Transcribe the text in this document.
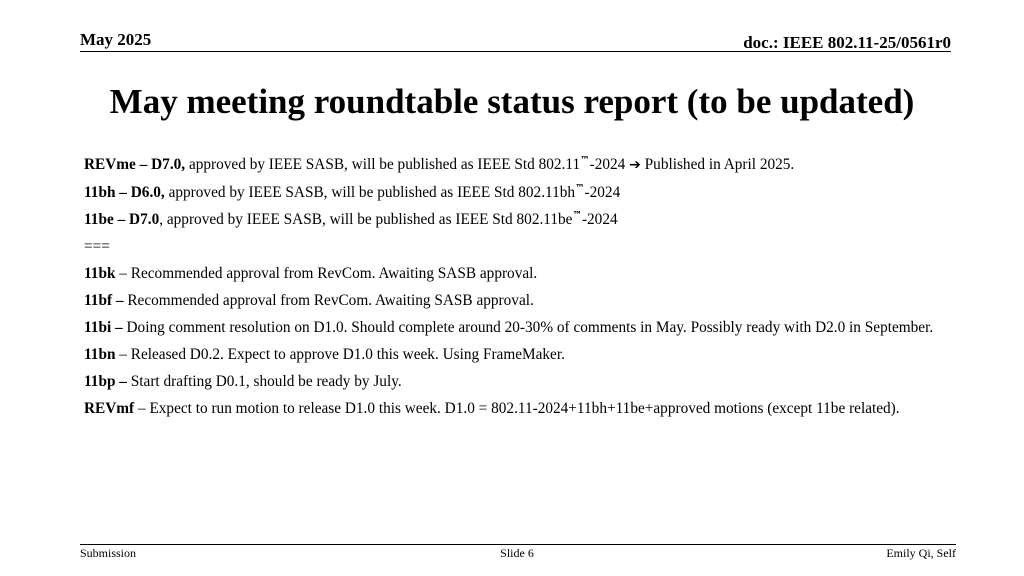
May 2025	doc.: IEEE 802.11-25/0561r0
May meeting roundtable status report (to be updated)

REVme – D7.0, approved by IEEE SASB, will be published as IEEE Std 802.11™-2024 ➔ Published in April 2025.

11bh – D6.0, approved by IEEE SASB, will be published as IEEE Std 802.11bh™-2024

11be – D7.0, approved by IEEE SASB, will be published as IEEE Std 802.11be™-2024

===

11bk – Recommended approval from RevCom. Awaiting SASB approval.

11bf – Recommended approval from RevCom. Awaiting SASB approval.

11bi – Doing comment resolution on D1.0. Should complete around 20-30% of comments in May. Possibly ready with D2.0 in September.

11bn – Released D0.2. Expect to approve D1.0 this week. Using FrameMaker.

11bp – Start drafting D0.1, should be ready by July.

REVmf – Expect to run motion to release D1.0 this week. D1.0 = 802.11-2024+11bh+11be+approved motions (except 11be related).

Submission	Slide 6	Emily Qi, Self
